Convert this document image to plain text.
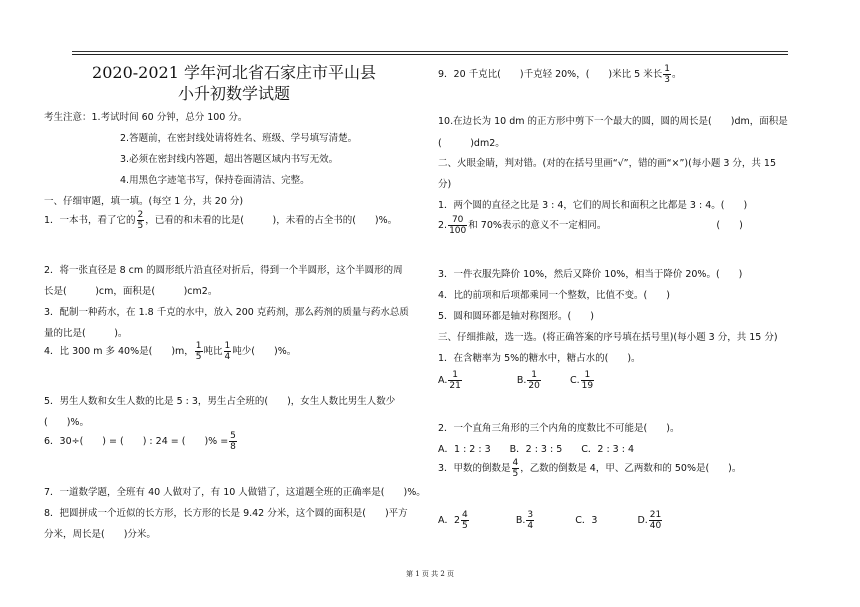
2020-2021 学年河北省石家庄市平山县
小升初数学试题
考生注意：1.考试时间 60 分钟，总分 100 分。
2.答题前，在密封线处请将姓名、班级、学号填写清楚。
3.必须在密封线内答题，超出答题区域内书写无效。
4.用黑色字迹笔书写，保持卷面清洁、完整。
一、仔细审题，填一填。(每空 1 分，共 20 分)
1．一本书，看了它的 $\frac{2}{5}$ ，已看的和未看的比是(　　　)，未看的占全书的(　　)%。
2．将一张直径是 8 cm 的圆形纸片沿直径对折后，得到一个半圆形，这个半圆形的周
长是(　　　)cm，面积是(　　　)cm2。
3．配制一种药水，在 1.8 千克的水中，放入 200 克药剂，那么药剂的质量与药水总质
量的比是(　　　)。
4．比 300 m 多 40%是(　　)m， $\frac{1}{5}$ 吨比 $\frac{1}{4}$ 吨少(　　)%。
5．男生人数和女生人数的比是 5 : 3，男生占全班的(　　)，女生人数比男生人数少
(　　)%。
6．30÷(　　) = (　　) : 24 = (　　)% = $\frac{5}{8}$
7．一道数学题，全班有 40 人做对了，有 10 人做错了，这道题全班的正确率是(　　)%。
8．把圆拼成一个近似的长方形，长方形的长是 9.42 分米，这个圆的面积是(　　)平方
分米，周长是(　　)分米。
9．20 千克比(　　)千克轻 20%，(　　)米比 5 米长 $\frac{1}{3}$ 。
10.在边长为 10 dm 的正方形中剪下一个最大的圆，圆的周长是(　　)dm，面积是
(　　　)dm2。
二、火眼金睛，判对错。(对的在括号里画“√”，错的画“×”)(每小题 3 分，共 15
分)
1．两个圆的直径之比是 3 : 4，它们的周长和面积之比都是 3 : 4。(　　)
2. $\frac{70}{100}$ 和 70%表示的意义不一定相同。	(　　)
3．一件衣服先降价 10%，然后又降价 10%，相当于降价 20%。(　　)
4．比的前项和后项都乘同一个整数，比值不变。(　　)
5．圆和圆环都是轴对称图形。(　　)
三、仔细推敲，选一选。(将正确答案的序号填在括号里)(每小题 3 分，共 15 分)
1．在含糖率为 5%的糖水中，糖占水的(　　)。
A. $\frac{1}{21}$	B. $\frac{1}{20}$	C. $\frac{1}{19}$
2．一个直角三角形的三个内角的度数比不可能是(　　)。
A．1 : 2 : 3　　B．2 : 3 : 5　　C．2 : 3 : 4
3．甲数的倒数是 $\frac{4}{5}$ ，乙数的倒数是 4，甲、乙两数和的 50%是(　　)。
A．$2 \frac{4}{5}$	B. $\frac{3}{4}$	C．3	D. $\frac{21}{40}$
第 1 页 共 2 页
